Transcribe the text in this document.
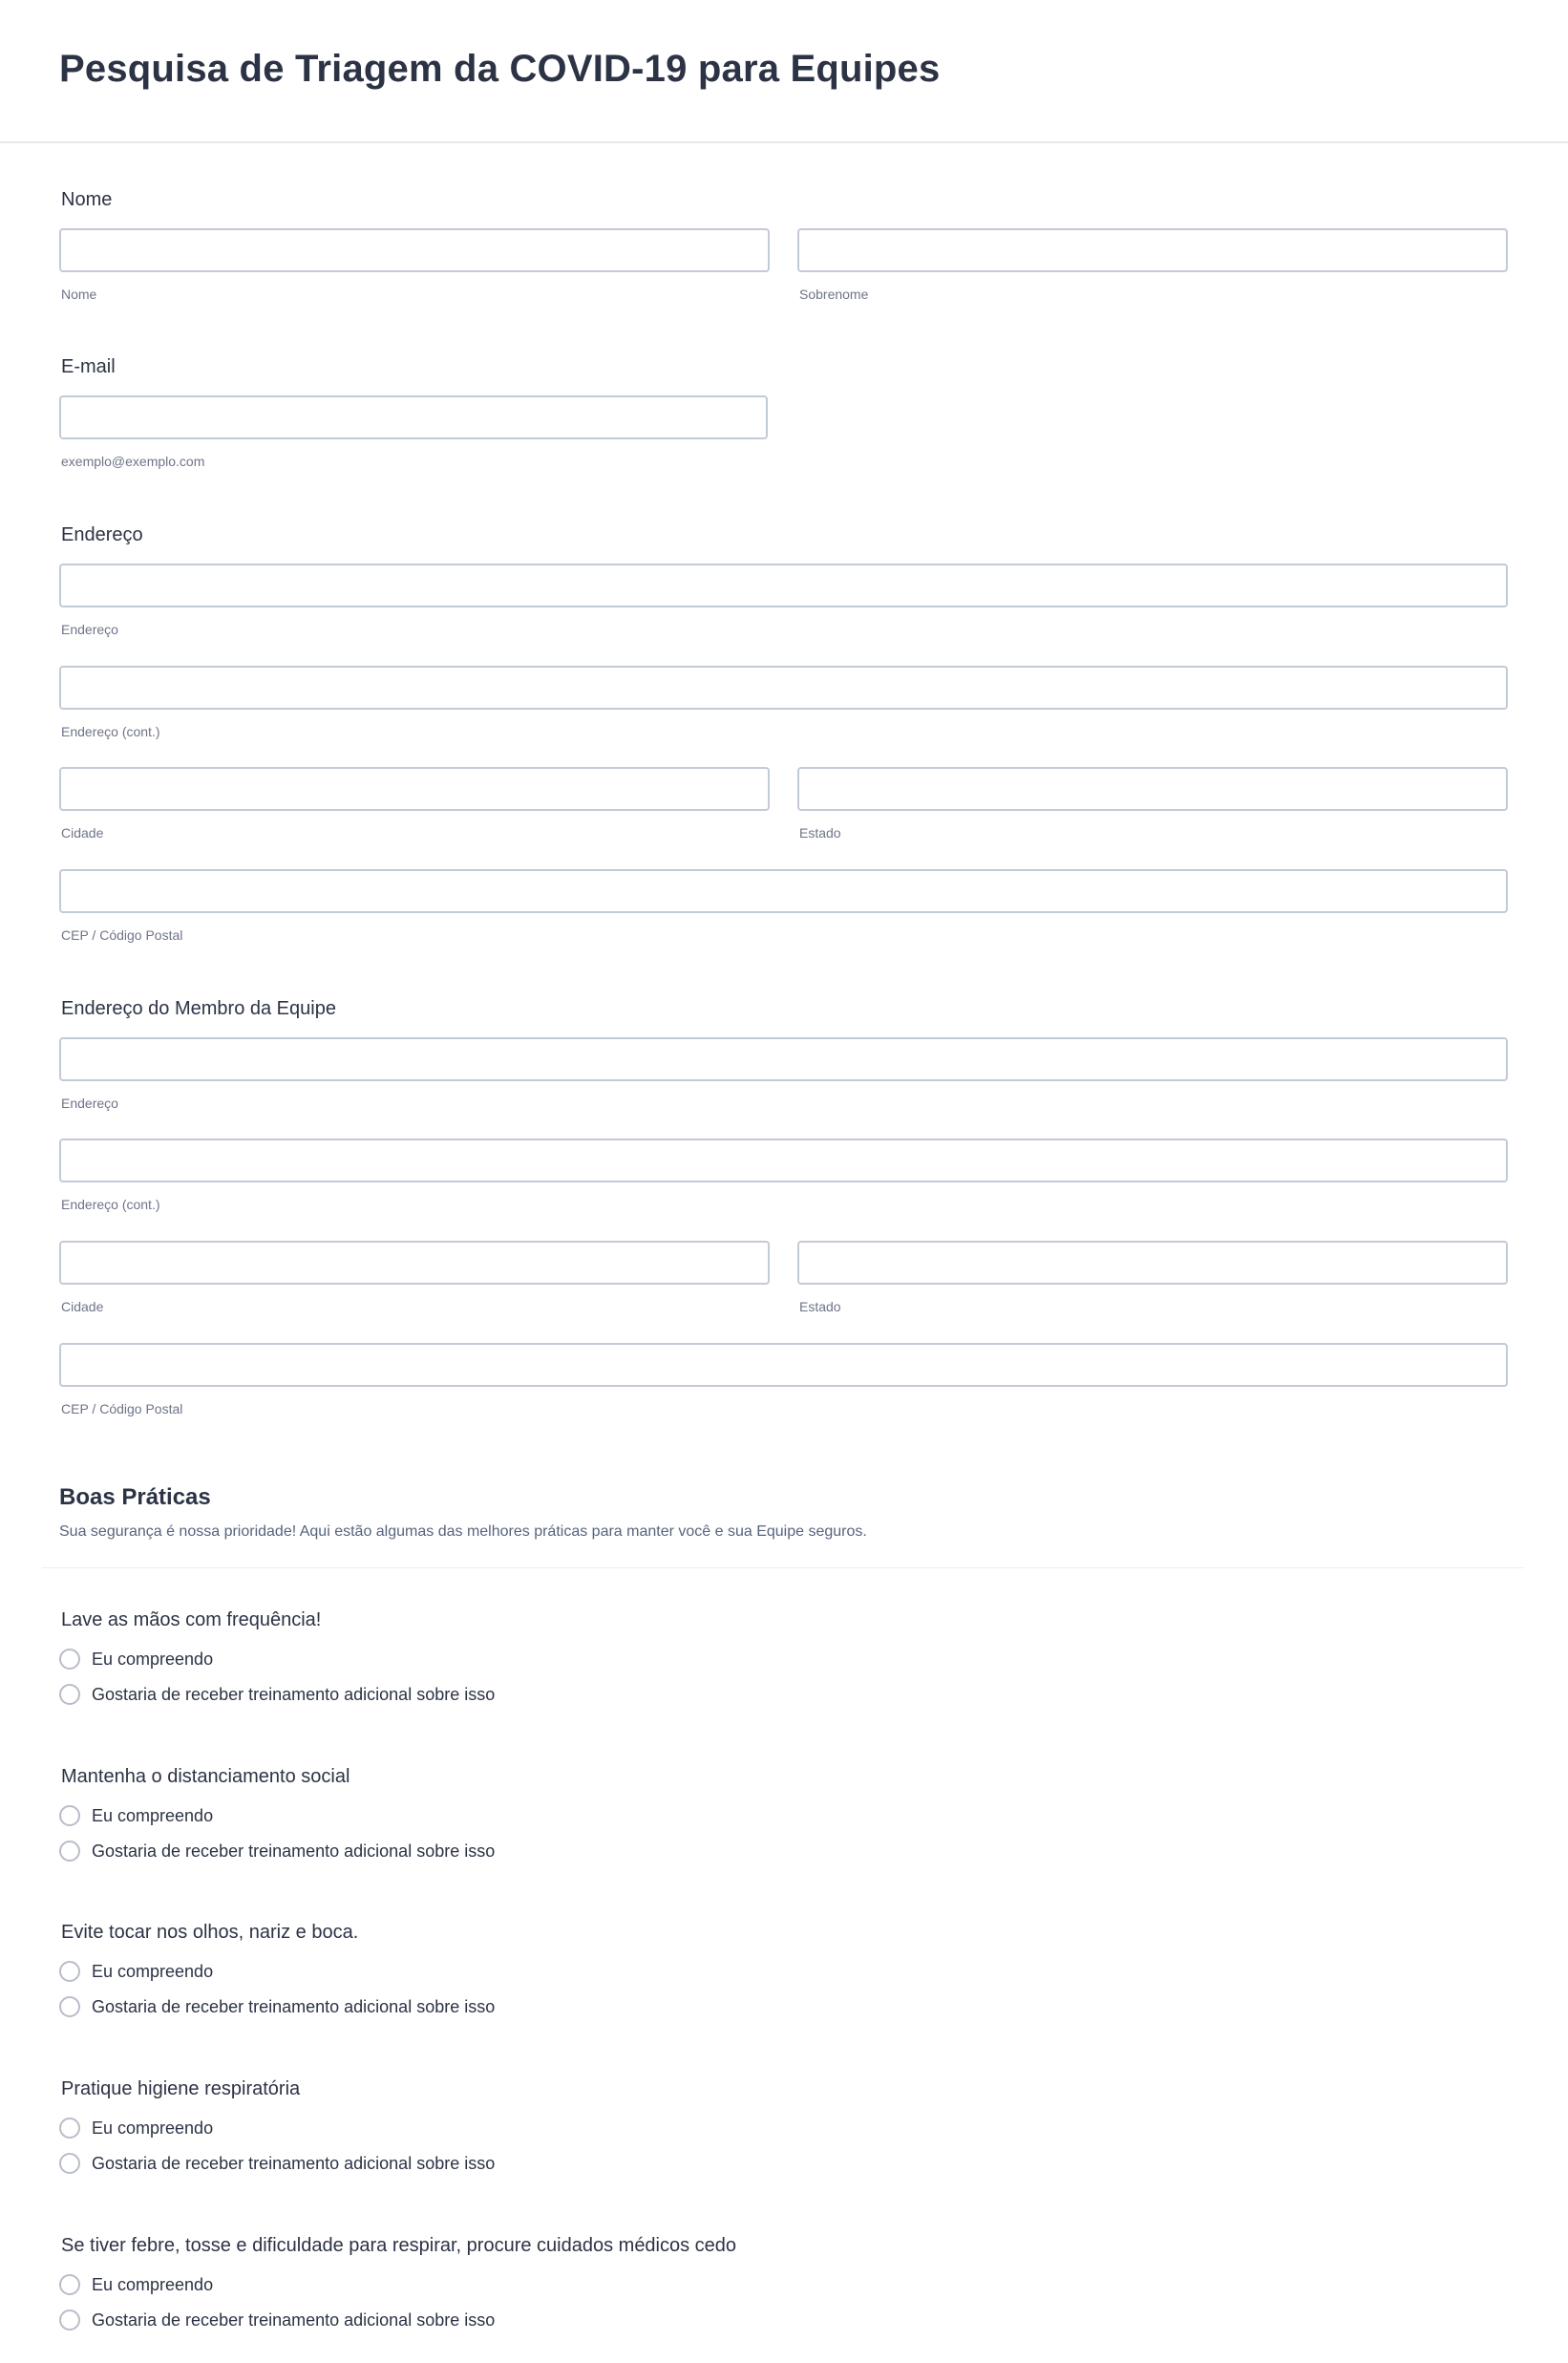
Pesquisa de Triagem da COVID-19 para Equipes
Nome
Nome	Sobrenome
E-mail
exemplo@exemplo.com
Endereço
Endereço
Endereço (cont.)
Cidade	Estado
CEP / Código Postal
Endereço do Membro da Equipe
Endereço
Endereço (cont.)
Cidade	Estado
CEP / Código Postal
Boas Práticas
Sua segurança é nossa prioridade! Aqui estão algumas das melhores práticas para manter você e sua Equipe seguros.
Lave as mãos com frequência!
Eu compreendo
Gostaria de receber treinamento adicional sobre isso
Mantenha o distanciamento social
Eu compreendo
Gostaria de receber treinamento adicional sobre isso
Evite tocar nos olhos, nariz e boca.
Eu compreendo
Gostaria de receber treinamento adicional sobre isso
Pratique higiene respiratória
Eu compreendo
Gostaria de receber treinamento adicional sobre isso
Se tiver febre, tosse e dificuldade para respirar, procure cuidados médicos cedo
Eu compreendo
Gostaria de receber treinamento adicional sobre isso
